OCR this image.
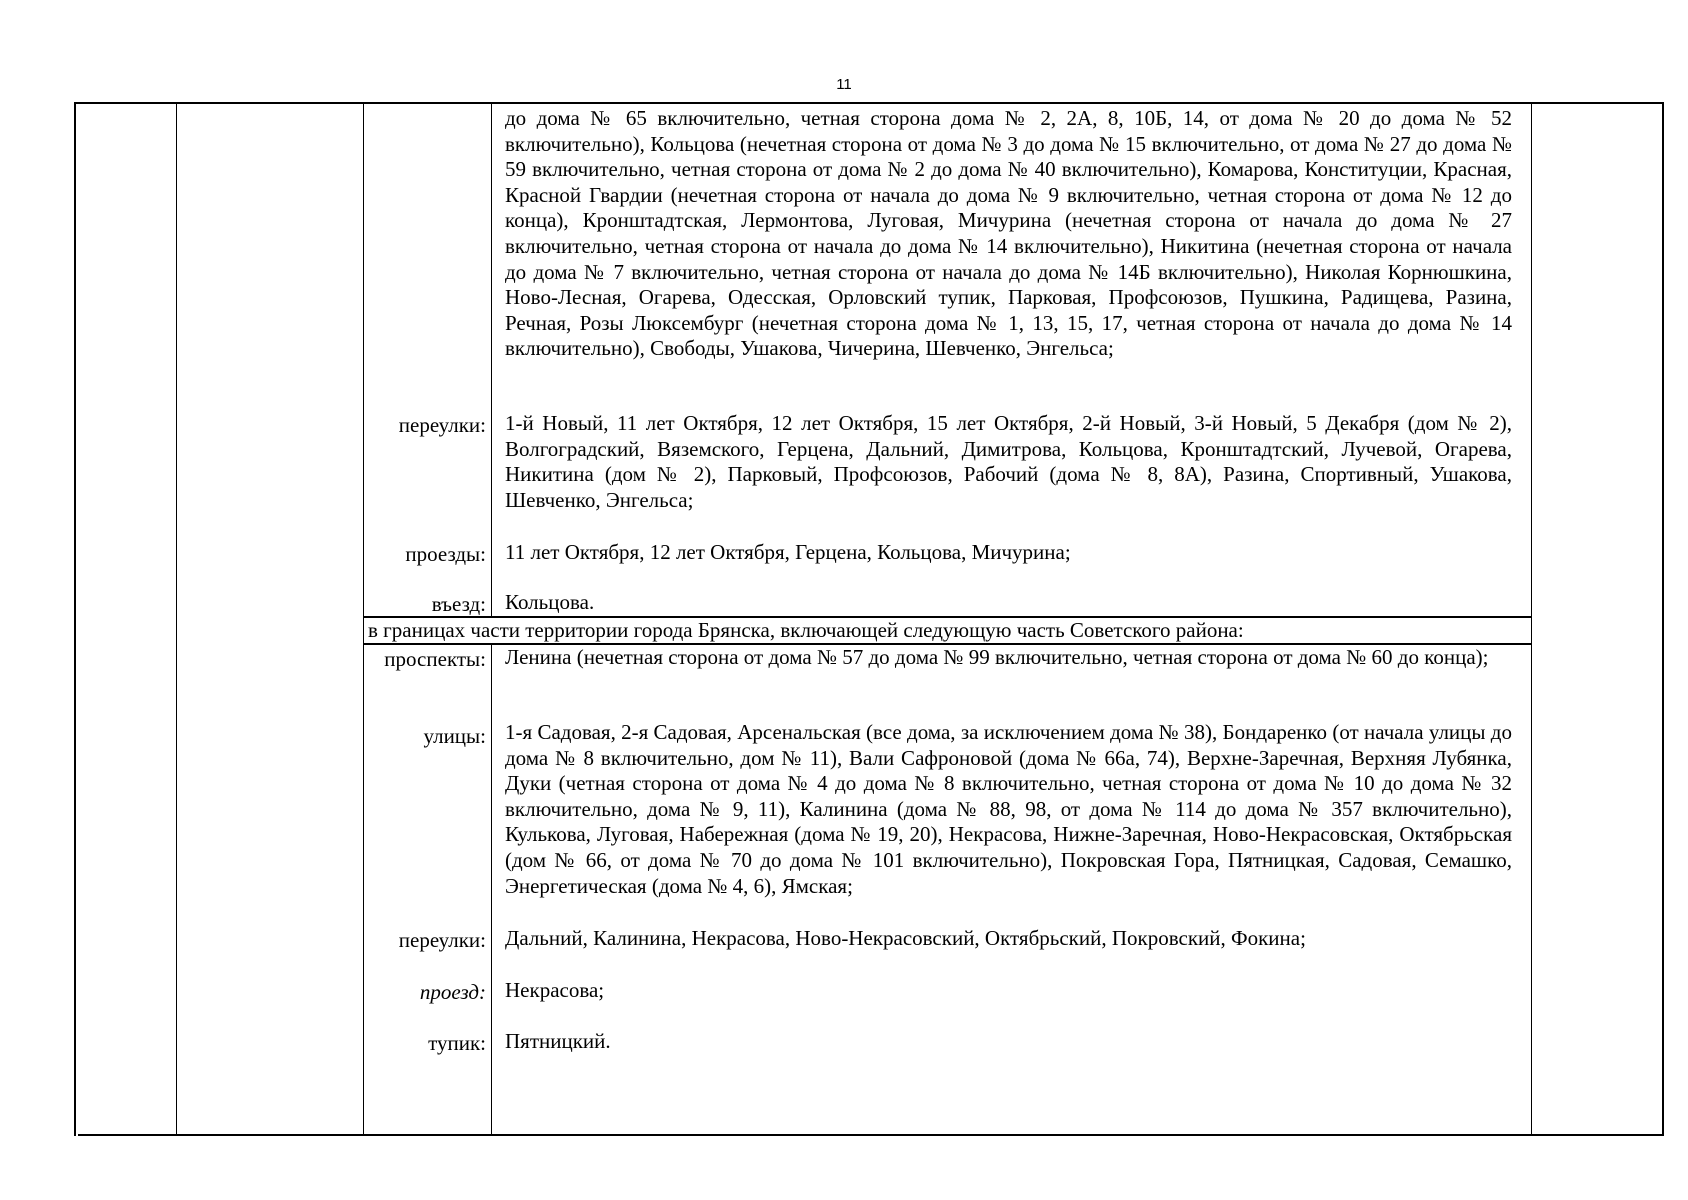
11
до дома № 65 включительно, четная сторона дома № 2, 2А, 8, 10Б, 14, от дома № 20 до дома № 52 включительно), Кольцова (нечетная сторона от дома № 3 до дома № 15 включительно, от дома № 27 до дома № 59 включительно, четная сторона от дома № 2 до дома № 40 включительно), Комарова, Конституции, Красная, Красной Гвардии (нечетная сторона от начала до дома № 9 включительно, четная сторона от дома № 12 до конца), Кронштадтская, Лермонтова, Луговая, Мичурина (нечетная сторона от начала до дома № 27 включительно, четная сторона от начала до дома № 14 включительно), Никитина (нечетная сторона от начала до дома № 7 включительно, четная сторона от начала до дома № 14Б включительно), Николая Корнюшкина, Ново-Лесная, Огарева, Одесская, Орловский тупик, Парковая, Профсоюзов, Пушкина, Радищева, Разина, Речная, Розы Люксембург (нечетная сторона дома № 1, 13, 15, 17, четная сторона от начала до дома № 14 включительно), Свободы, Ушакова, Чичерина, Шевченко, Энгельса;
переулки: 1-й Новый, 11 лет Октября, 12 лет Октября, 15 лет Октября, 2-й Новый, 3-й Новый, 5 Декабря (дом № 2), Волгоградский, Вяземского, Герцена, Дальний, Димитрова, Кольцова, Кронштадтский, Лучевой, Огарева, Никитина (дом № 2), Парковый, Профсоюзов, Рабочий (дома № 8, 8А), Разина, Спортивный, Ушакова, Шевченко, Энгельса;
проезды: 11 лет Октября, 12 лет Октября, Герцена, Кольцова, Мичурина;
въезд: Кольцова.
в границах части территории города Брянска, включающей следующую часть Советского района:
проспекты: Ленина (нечетная сторона от дома № 57 до дома № 99 включительно, четная сторона от дома № 60 до конца);
улицы: 1-я Садовая, 2-я Садовая, Арсенальская (все дома, за исключением дома № 38), Бондаренко (от начала улицы до дома № 8 включительно, дом № 11), Вали Сафроновой (дома № 66а, 74), Верхне-Заречная, Верхняя Лубянка, Дуки (четная сторона от дома № 4 до дома № 8 включительно, четная сторона от дома № 10 до дома № 32 включительно, дома № 9, 11), Калинина (дома № 88, 98, от дома № 114 до дома № 357 включительно), Кулькова, Луговая, Набережная (дома № 19, 20), Некрасова, Нижне-Заречная, Ново-Некрасовская, Октябрьская (дом № 66, от дома № 70 до дома № 101 включительно), Покровская Гора, Пятницкая, Садовая, Семашко, Энергетическая (дома № 4, 6), Ямская;
переулки: Дальний, Калинина, Некрасова, Ново-Некрасовский, Октябрьский, Покровский, Фокина;
проезд: Некрасова;
тупик: Пятницкий.
